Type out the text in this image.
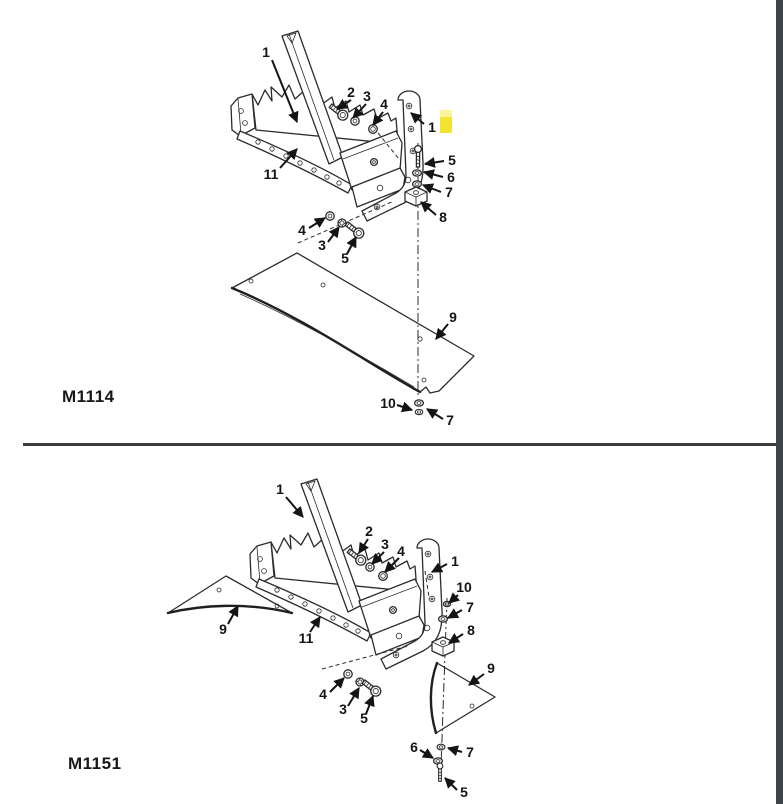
1
2 3 4
1
5
6
7
8
11
4
3
5
9
10
7
M1114
1
2
3 4
1
10
7
8
9
11
9
4
3
5
6	7
5
M1151
